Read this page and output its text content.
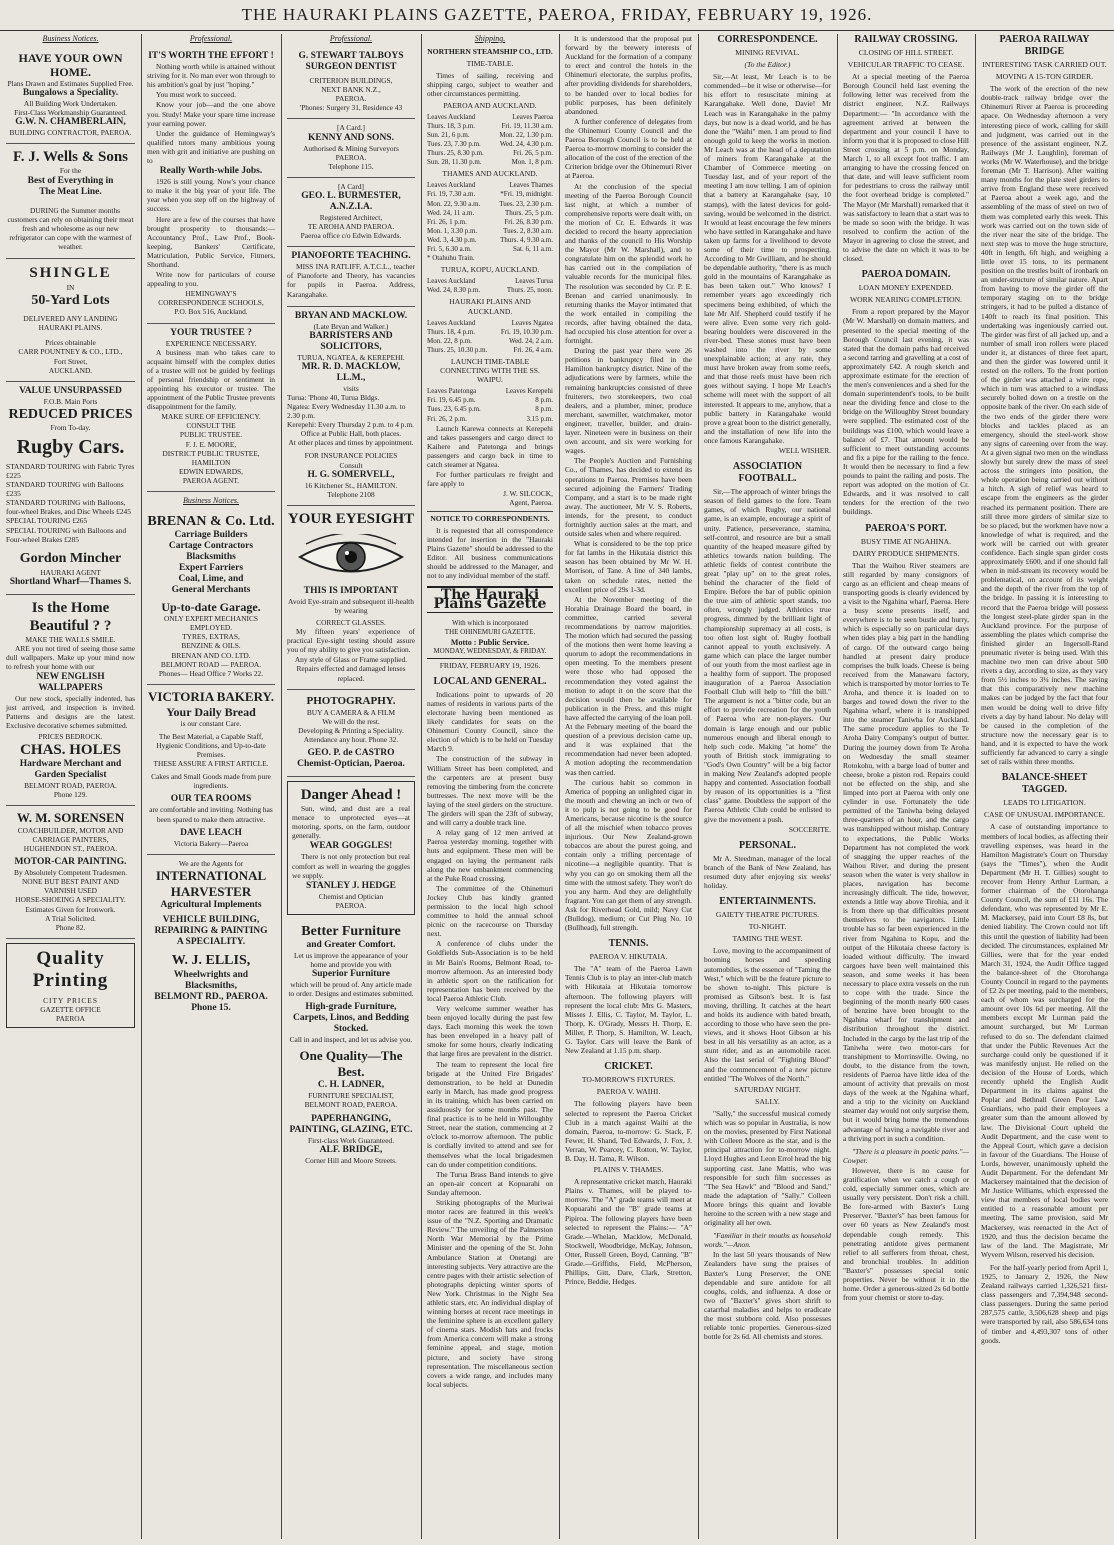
THE HAURAKI PLAINS GAZETTE, PAEROA, FRIDAY, FEBRUARY 19, 1926.
Business Notices.
HAVE YOUR OWN HOME.
Plans Drawn and Estimates Supplied Free.
Bungalows a Speciality.
All Building Work Undertaken.
First-Class Workmanship Guaranteed.
G.W. N. CHAMBERLAIN,
BUILDING CONTRACTOR, PAEROA.
F. J. Wells & Sons
For the
Best of Everything in
The Meat Line.

DURING the Summer months customers can rely on obtaining their meat fresh and wholesome as our new refrigerator can cope with the warmest of weather.

SHINGLE
IN
50-Yard Lots
DELIVERED ANY LANDING HAURAKI PLAINS.
Prices obtainable
CARR POUNTNEY & CO., LTD.,
Fort Street,
AUCKLAND.
VALUE UNSURPASSED
F.O.B. Main Ports
REDUCED PRICES
From To-day.
Rugby Cars.
STANDARD TOURING with Fabric Tyres £225
STANDARD TOURING with Balloons £235
STANDARD TOURING with Balloons, four-wheel Brakes, and Disc Wheels £245
SPECIAL TOURING £265
SPECIAL TOURING with Balloons and Four-wheel Brakes £285
Gordon Mincher
HAURAKI AGENT
Shortland Wharf—Thames S.
Is the Home Beautiful ? ?
MAKE THE WALLS SMILE.

ARE you not tired of seeing those same dull wallpapers. Make up your mind now to refresh your home with our

NEW ENGLISH WALLPAPERS

Our new stock, specially indented, has just arrived, and inspection is invited. Patterns and designs are the latest. Exclusive decorative schemes submitted.

PRICES BEDROCK.
CHAS. HOLES
Hardware Merchant and Garden Specialist
BELMONT ROAD, PAEROA.
Phone 129.
W. M. SORENSEN
COACHBUILDER, MOTOR AND CARRIAGE PAINTERS,
HUGHENDON ST., PAEROA.
MOTOR-CAR PAINTING.
By Absolutely Competent Tradesmen.
NONE BUT BEST PAINT AND VARNISH USED
HORSE-SHOEING A SPECIALITY.
Estimates Given for Ironwork.
A Trial Solicited.
Phone 82.
Quality
Printing
CITY PRICES
GAZETTE OFFICE
PAEROA
Professional.
IT'S WORTH THE EFFORT !

Nothing worth while is attained without striving for it. No man ever won through to his ambition's goal by just "hoping."

You must work to succeed.

Know your job—and the one above you. Study! Make your spare time increase your earning power.

Under the guidance of Hemingway's qualified tutors many ambitious young men with grit and initiative are pushing on to

Really Worth-while Jobs.

1926 is still young. Now's your chance to make it the big year of your life. The year when you step off on the highway of success.

Here are a few of the courses that have brought prosperity to thousands:— Accountancy Prof., Law Prof., Book-keeping, Bankers' Certificate, Matriculation, Public Service, Fitmers, Shorthand.

Write now for particulars of course appealing to you.

HEMINGWAY'S
CORRESPONDENCE SCHOOLS,
P.O. Box 516, Auckland.
YOUR TRUSTEE ?
EXPERIENCE NECESSARY.

A business man who takes care to acquaint himself with the complex duties of a trustee will not be guided by feelings of personal friendship or sentiment in appointing his executor or trustee. The appointment of the Public Trustee prevents disappointment for the family.

MAKE SURE OF EFFICIENCY.
CONSULT THE
PUBLIC TRUSTEE.
F. J. E. MOORE,
DISTRICT PUBLIC TRUSTEE,
HAMILTON
EDWIN EDWARDS,
PAEROA AGENT.
Business Notices.
BRENAN & Co. Ltd.
Carriage Builders
Cartage Contractors
Blacksmiths
Expert Farriers
Coal, Lime, and
General Merchants
Up-to-date Garage.
ONLY EXPERT MECHANICS EMPLOYED.
TYRES, EXTRAS,
BENZINE & OILS.
BRENAN AND CO. LTD.
BELMONT ROAD — PAEROA.
Phones— Head Office 7 Works 22.
VICTORIA BAKERY.
Your Daily Bread
is our constant Care.
The Best Material, a Capable Staff, Hygienic Conditions, and Up-to-date Premises.
THESE ASSURE A FIRST ARTICLE.
Cakes and Small Goods made from pure ingredients.
OUR TEA ROOMS
are comfortable and inviting. Nothing has been spared to make them attractive.
DAVE LEACH
Victoria Bakery—Paeroa
We are the Agents for
INTERNATIONAL
HARVESTER
Agricultural Implements
VEHICLE BUILDING,
REPAIRING & PAINTING
A SPECIALITY.
W. J. ELLIS,
Wheelwrights and
Blacksmiths,
BELMONT RD., PAEROA.
Phone 15.
Professional.
G. STEWART TALBOYS
SURGEON DENTIST
CRITERION BUILDINGS,
NEXT BANK N.Z.,
PAEROA.
'Phones: Surgery 31, Residence 43
[A Card.]
KENNY AND SONS.
Authorised & Mining Surveyors
PAEROA.
Telephone 115.
[A Card]
GEO. L. BURMESTER, A.N.Z.I.A.
Registered Architect,
TE AROHA AND PAEROA.
Paeroa office c/o Edwin Edwards.
PIANOFORTE TEACHING.

MISS INA RATLIFF, A.T.C.L., teacher of Pianoforte and Theory, has vacancies for pupils in Paeroa. Address, Karangahake.

BRYAN AND MACKLOW.
(Late Bryan and Walker.)
BARRISTERS AND SOLICITORS,
TURUA, NGATEA, & KEREPEHI.
MR. R. D. MACKLOW, LL.M.,
visits
Turua: 'Phone 40, Turua Bldgs.
Ngatea: Every Wednesday 11.30 a.m. to 2.30 p.m.
Kerepehi: Every Thursday 2 p.m. to 4 p.m.
Office at Public Hall, both places.
At other places and times by appointment.
FOR INSURANCE POLICIES
Consult
H. G. SOMERVELL,
16 Kitchener St., HAMILTON.
Telephone 2108
YOUR EYESIGHT
THIS IS IMPORTANT
Avoid Eye-strain and subsequent ill-health by wearing
CORRECT GLASSES.

My fifteen years' experience of practical Eye-sight testing should assure you of my ability to give you satisfaction.

Any style of Glass or Frame supplied.
Repairs effected and damaged lenses replaced.
PHOTOGRAPHY.
BUY A CAMERA & A FILM
We will do the rest.
Developing & Printing a Speciality.
Attendance any hour. Phone 32.
GEO. P. de CASTRO
Chemist-Optician, Paeroa.
Danger Ahead !

Sun, wind, and dust are a real menace to unprotected eyes—at motoring, sports, on the farm, outdoor generally.

WEAR GOGGLES!

There is not only protection but real comfort as well in wearing the goggles we supply.

STANLEY J. HEDGE
Chemist and Optician
PAEROA.
Better Furniture
and Greater Comfort.
Let us improve the appearance of your home and provide you with
Superior Furniture
which will be proud of. Any article made to order. Designs and estimates submitted.
High-grade Furniture, Carpets, Linos, and Bedding Stocked.
Call in and inspect, and let us advise you.
One Quality—The Best.
C. H. LADNER,
FURNITURE SPECIALIST,
BELMONT ROAD, PAEROA.
PAPERHANGING, PAINTING, GLAZING, ETC.
First-class Work Guaranteed.
ALF. BRIDGE,
Corner Hill and Moore Streets.
Shipping.
NORTHERN STEAMSHIP CO., LTD.
TIME-TABLE.

Times of sailing, receiving and shipping cargo, subject to weather and other circumstances permitting.

PAEROA AND AUCKLAND.
Leaves Auckland	Leaves Paeroa
Thurs. 18, 3 p.m.	Fri. 19, 11.30 a.m.
Sun. 21, 6 p.m.	Mon. 22, 1.30 p.m.
Tues. 23, 7.30 p.m.	Wed. 24, 4.30 p.m.
Thurs. 25, 8.30 p.m.	Fri. 26, 5 p.m.
Sun. 28, 11.30 p.m.	Mon. 1, 8 p.m.
THAMES AND AUCKLAND.
Leaves Auckland	Leaves Thames
Fri. 19, 7.30 a.m.	*Fri. 19, midnight.
Mon. 22, 9.30 a.m.	Tues. 23, 2.30 p.m.
Wed. 24, 11 a.m.	Thurs. 25, 5 p.m.
Fri. 26, 1 p.m.	Fri. 26, 8.30 p.m.
Mon. 1, 3.30 p.m.	Tues. 2, 8.30 a.m.
Wed. 3, 4.30 p.m.	Thurs. 4, 9.30 a.m.
Fri. 5, 6.30 a.m.	Sat. 6, 11 a.m.
* Otahuhu Train.
TURUA, KOPU, AUCKLAND.
Leaves Auckland	Leaves Turua
Wed. 24, 8.30 p.m.	Thurs. 25, noon.
HAURAKI PLAINS AND AUCKLAND.
Leaves Auckland	Leaves Ngatea
Thurs. 18, 4 p.m.	Fri. 19, 10.30 p.m.
Mon. 22, 8 p.m.	Wed. 24, 2 a.m.
Thurs. 25, 10.30 p.m.	Fri. 26, 4 a.m.
LAUNCH TIME-TABLE CONNECTING WITH THE SS. WAIPU.
Leaves Patetonga	Leaves Kerepehi
Fri. 19, 6.45 p.m.	8 p.m.
Tues. 23, 6.45 p.m.	8 p.m.
Fri. 26, 2 p.m.	3.15 p.m.

Launch Karewa connects at Kerepehi and takes passengers and cargo direct to Kaihere and Patetonga and brings passengers and cargo back in time to catch steamer at Ngatea.

For further particulars re freight and fare apply to

J. W. SILCOCK,
Agent, Paeroa.
NOTICE TO CORRESPONDENTS.

It is requested that all correspondence intended for insertion in the "Hauraki Plains Gazette" should be addressed to the Editor. All business communications should be addressed to the Manager, and not to any individual member of the staff.

The Hauraki Plains Gazette
With which is incorporated
THE OHINEMURI GAZETTE.
Motto : Public Service.
MONDAY, WEDNESDAY, & FRIDAY.
FRIDAY, FEBRUARY 19, 1926.
LOCAL AND GENERAL.

Indications point to upwards of 20 names of residents in various parts of the electorate having been mentioned as likely candidates for seats on the Ohinemuri County Council, since the election of which is to be held on Tuesday March 9.

The construction of the subway in William Street has been completed, and the carpenters are at present busy removing the timbering from the concrete buttresses. The next move will be the laying of the steel girders on the structure. The girders will span the 23ft of subway, and will carry a double track line.

A relay gang of 12 men arrived at Paeroa yesterday morning, together with huts and equipment. These men will be engaged on laying the permanent rails along the new embankment commencing at the Puke Road crossing.

The committee of the Ohinemuri Jockey Club has kindly granted permission to the local high school committee to hold the annual school picnic on the racecourse on Thursday next.

A conference of clubs under the Goldfields Sub-Association is to be held in Mr Bain's Rooms, Belmont Road, to-morrow afternoon. As an interested body in athletic sport on the ratification for representation has been received by the local Paeroa Athletic Club.

Very welcome summer weather has been enjoyed locally during the past few days. Each morning this week the town has been enveloped in a heavy pall of smoke for some hours, clearly indicating that large fires are prevalent in the district.

The team to represent the local fire brigade at the United Fire Brigades' demonstration, to be held at Dunedin early in March, has made good progress in its training, which has been carried on assiduously for some months past. The final practice is to be held in Willoughby Street, near the station, commencing at 2 o'clock to-morrow afternoon. The public is cordially invited to attend and see for themselves what the local brigadesmen can do under competition conditions.

The Turua Brass Band intends to give an open-air concert at Kopuarahi on Sunday afternoon.

Striking photographs of the Muriwai motor races are featured in this week's issue of the "N.Z. Sporting and Dramatic Review." The unveiling of the Palmerston North War Memorial by the Prime Minister and the opening of the St. John Ambulance Station at Onetangi are interesting subjects. Very attractive are the centre pages with their artistic selection of photographs depicting winter sports of New York. Christmas in the Night Sea athletic stars, etc. An individual display of winning horses at recent race meetings in the feminine sphere is an excellent gallery of cinema stars. Modish hats and frocks from America concern will make a strong feminine appeal, and stage, motion picture, and society have strong representation. The miscellaneous section covers a wide range, and includes many local subjects.

It is understood that the proposal put forward by the brewery interests of Auckland for the formation of a company to erect and control the hotels in the Ohinemuri electorate, the surplus profits, after providing dividends for shareholders, to be handed over to local bodies for public purposes, has been definitely abandoned.

A further conference of delegates from the Ohinemuri County Council and the Paeroa Borough Council is to be held at Paeroa to-morrow morning to consider the allocation of the cost of the erection of the Criterion bridge over the Ohinemuri River at Paeroa.

At the conclusion of the special meeting of the Paeroa Borough Council last night, at which a number of comprehensive reports were dealt with, on the motion of Cr. E. Edwards it was decided to record the hearty appreciation and thanks of the council to His Worship the Mayor (Mr W. Marshall), and to congratulate him on the splendid work he has carried out in the compilation of valuable records for the municipal files. The resolution was seconded by Cr. P. E. Brenan and carried unanimously. In returning thanks the Mayor intimated that the work entailed in compiling the records, after having obtained the data, had occupied his close attention for over a fortnight.

During the past year there were 26 petitions in bankruptcy filed in the Hamilton bankruptcy district. Nine of the adjudications were by farmers, while the remaining bankruptcies consisted of three fruiterers, two storekeepers, two coal dealers, and a plumber, miner, produce merchant, sawmiller, watchmaker, motor engineer, traveller, builder, and drain-layer. Nineteen were in business on their own account, and six were working for wages.

The People's Auction and Furnishing Co., of Thames, has decided to extend its operations to Paeroa. Premises have been secured adjoining the Farmers' Trading Company, and a start is to be made right away. The auctioneer, Mr V. S. Roberts, intends, for the present, to conduct fortnightly auction sales at the mart, and outside sales when and where required.

What is considered to be the top price for fat lambs in the Hikutaia district this season has been obtained by Mr W. H. Morrison, of Tane. A line of 340 lambs, taken on schedule rates, netted the excellent price of 29s 1-3d.

At the November meeting of the Horahia Drainage Board the board, in committee, carried several recommendations by narrow majorities. The motion which had secured the passing of the motions then went home leaving a quorum to adopt the recommendations in open meeting. To the members present were those who had opposed the recommendation they voted against the motion to adopt it on the score that the decision would then be available for publication in the Press, and this might have affected the carrying of the loan poll. At the February meeting of the board the question of a previous decision came up, and it was explained that the recommendation had never been adopted. A motion adopting the recommendation was then carried.

The curious habit so common in America of popping an unlighted cigar in the mouth and chewing an inch or two of it to pulp is not going to be good for Americans, because nicotine is the source of all the mischief when tobacco proves injurious. Our New Zealand-grown tobaccos are about the purest going, and contain only a trifling percentage of nicotine—a negligible quantity. That is why you can go on smoking them all the time with the utmost safety. They won't do you any harm. And they are delightfully fragrant. You can get them of any strength. Ask for Riverhead Gold, mild; Navy Cut (Bulldog), medium; or Cut Plug No. 10 (Bullhead), full strength.

TENNIS.
PAEROA V. HIKUTAIA.

The "A" team of the Paeroa Lawn Tennis Club is to play an inter-club match with Hikutaia at Hikutaia tomorrow afternoon. The following players will represent the local club: Mrs G. Masters, Misses J. Ellis, C. Taylor, M. Taylor, L. Thorp, K. O'Grady, Messrs H. Thorp, E. Miller, P. Thorp, S. Hamilton, W. Leach, G. Taylor. Cars will leave the Bank of New Zealand at 1.15 p.m. sharp.

CRICKET.
TO-MORROW'S FIXTURES.
PAEROA V. WAIHI.

The following players have been selected to represent the Paeroa Cricket Club in a match against Waihi at the domain, Paeroa, to-morrow: G. Stack, F. Fewer, H. Shand, Ted Edwards, J. Fox, J. Verran, W. Pearcey, C. Rotton, W. Taylor, B. Day, H. Tama, R. Wilson.

PLAINS V. THAMES.

A representative cricket match, Hauraki Plains v. Thames, will be played to-morrow. The "A" grade teams will meet at Kopuarahi and the "B" grade teams at Pipiroa. The following players have been selected to represent the Plains:— "A" Grade.—Whelan, Macklow, McDonald, Stockwell, Woodbridge, McKay, Johnson, Otter, Russell Green, Boyd, Canning. "B" Grade.—Griffiths, Field, McPherson, Phillips, Gitt, Dare, Clark, Stretton, Prince, Beddie, Hedges.

CORRESPONDENCE.
MINING REVIVAL.
(To the Editor.)

Sir,—At least, Mr Leach is to be commended—be it wise or otherwise—for his effort to resuscitate mining at Karangahake. Well done, Davie! Mr Leach was in Karangahake in the palmy days, but now is a dead world, and he has done the "Waihi" men. I am proud to find enough gold to keep the works in motion. Mr Leach was at the head of a deputation of miners from Karangahake at the Chamber of Commerce meeting on Tuesday last, and of your report of the meeting I am now telling. I am of opinion that a battery at Karangahake (say, 10 stamps), with the latest devices for gold-saving, would be welcomed in the district. It would at least encourage the few miners who have settled in Karangahake and have taken up farms for a livelihood to devote some of their time to prospecting. According to Mr Gwilliam, and he should be dependable authority, "there is as much gold in the mountains of Karangahake as has been taken out." Who knows? I remember years ago exceedingly rich specimens being exhibited, of which the late Mr Alf. Shepherd could testify if he were alive. Even some very rich gold-bearing boulders were discovered in the river-bed. These stones must have been washed into the river by some unexplainable action; at any rate, they must have broken away from some reefs, and that those reefs must have been rich goes without saying. I hope Mr Leach's scheme will meet with the support of all interested. It appears to me, anyhow, that a public battery in Karangahake would prove a great boon to the district generally, and the installation of new life into the once famous Karangahake.

WELL WISHER.
ASSOCIATION FOOTBALL.

Sir,—The approach of winter brings the season of field games to the fore. Team games, of which Rugby, our national game, is an example, encourage a spirit of unity. Patience, perseverance, stamina, self-control, and resource are but a small quantity of the heaped measure gifted by athletics towards nation building. The athletic fields of contest contribute the great "play up" on to the great roles, behind the character of the field of Empire. Before the bar of public opinion the true aim of athletic sport stands, too often, wrongly judged. Athletics true progress, dimmed by the brilliant light of championship supremacy at all costs, is too often lost sight of. Rugby football cannot appeal to youth exclusively. A game which can place the larger number of our youth from the most earliest age in a healthy form of support. The proposed inauguration of a Paeroa Association Football Club will help to "fill the bill." The argument is not a "bitter code, but an effort to provide recreation for the youth of Paeroa who are non-players. Our domain is large enough and our public numerous enough and liberal enough to help such code. Making "at home" the youth of British stock immigrating to "God's Own Country" will be a big factor in making New Zealand's adopted people happy and contented. Association football by reason of its opportunities is a "first class" game. Doubtless the support of the Paeroa Athletic Club could be enlisted to give the movement a push.

SOCCERITE.
PERSONAL.

Mr A. Steedman, manager of the local branch of the Bank of New Zealand, has resumed duty after enjoying six weeks' holiday.

ENTERTAINMENTS.
GAIETY THEATRE PICTURES.
TO-NIGHT.
TAMING THE WEST.

Love, moving to the accompaniment of booming horses and speeding automobiles, is the essence of "Taming the West," which will be the feature picture to be shown to-night. This picture is promised as Gibson's best. It is fast moving, thrilling. It catches at the heart and holds its audience with bated breath, according to those who have seen the pre-views, and it shows Hoot Gibson at his best in all his versatility as an actor, as a stunt rider, and as an automobile racer. Also the last serial of "Fighting Blood" and the commencement of a new picture entitled "The Wolves of the North."

SATURDAY NIGHT.
SALLY.

"Sally," the successful musical comedy which was so popular in Australia, is now on the movies, presented by First National with Colleen Moore as the star, and is the principal attraction for to-morrow night. Lloyd Hughes and Leon Errol head the big supporting cast. Jane Mattis, who was responsible for such film successes as "The Sea Hawk" and "Blood and Sand," made the adaptation of "Sally." Colleen Moore brings this quaint and lovable heroine to the screen with a new stage and originality all her own.

"Familiar in their mouths as household words."—Anon.

In the last 50 years thousands of New Zealanders have sung the praises of Baxter's Lung Preserver, the ONE dependable and sure antidote for all coughs, colds, and influenza. A dose or two of "Baxter's" gives short shrift to catarrhal maladies and helps to eradicate the most stubborn cold. Also possesses reliable tonic properties. Generous-sized bottle for 2s 6d. All chemists and stores.

RAILWAY CROSSING.
CLOSING OF HILL STREET.
VEHICULAR TRAFFIC TO CEASE.

At a special meeting of the Paeroa Borough Council held last evening the following letter was received from the district engineer, N.Z. Railways Department:— "In accordance with the agreement arrived at between the department and your council I have to inform you that it is proposed to close Hill Street crossing at 5 p.m. on Monday, March 1, to all except foot traffic. I am arranging to have the crossing fenced on that date, and will leave sufficient room for pedestrians to cross the railway until the foot overhead bridge is completed." The Mayor (Mr Marshall) remarked that it was satisfactory to learn that a start was to be made so soon with the bridge. It was resolved to confirm the action of the Mayor in agreeing to close the street, and to advise the date on which it was to be closed.

PAEROA DOMAIN.
LOAN MONEY EXPENDED.
WORK NEARING COMPLETION.

From a report prepared by the Mayor (Mr W. Marshall) on domain matters, and presented to the special meeting of the Borough Council last evening, it was stated that the domain paths had received a second tarring and gravelling at a cost of approximately £42. A rough sketch and approximate estimate for the erection of the men's conveniences and a shed for the domain superintendent's tools, to be built near the dividing fence and close to the bridge on the Willoughby Street boundary were supplied. The estimated cost of the buildings was £100, which would leave a balance of £7. That amount would be sufficient to meet outstanding accounts and fix a pipe for the railing to the fence. It would then be necessary to find a few pounds to paint the railing and posts. The report was adopted on the motion of Cr. Edwards, and it was resolved to call tenders for the erection of the two buildings.

PAEROA'S PORT.
BUSY TIME AT NGAHINA.
DAIRY PRODUCE SHIPMENTS.

That the Waihou River steamers are still regarded by many consignors of cargo as an efficient and cheap means of transporting goods is clearly evidenced by a visit to the Ngahina wharf, Paeroa. Here a busy scene presents itself, and everywhere is to be seen bustle and hurry, which is especially so on particular days when tides play a big part in the handling of cargo. Of the outward cargo being handled at present dairy produce comprises the bulk loads. Cheese is being received from the Manawaru factory, which is transported by motor lorries to Te Aroha, and thence it is loaded on to barges and towed down the river to the Ngahina wharf, where it is transhipped into the steamer Taniwha for Auckland. The same procedure applies to the Te Aroha Dairy Company's output of butter. During the journey down from Te Aroha on Wednesday the small steamer Rotokohu, with a barge load of butter and cheese, broke a piston rod. Repairs could not be effected on the ship, and she limped into port at Paeroa with only one cylinder in use. Fortunately the tide permitted of the Taniwha being delayed three-quarters of an hour, and the cargo was transhipped without mishap. Contrary to expectations, the Public Works Department has not completed the work of snagging the upper reaches of the Waihou River, and during the present season when the water is very shallow in places, navigation has become increasingly difficult. The tide, however, extends a little way above Tirohia, and it is from there up that difficulties present themselves to the navigators. Little trouble has so far been experienced in the river from Ngahina to Kopu, and the output of the Hikutaia cheese factory is loaded without difficulty. The inward cargoes have been well maintained this season, and some weeks it has been necessary to place extra vessels on the run to cope with the trade. Since the beginning of the month nearly 600 cases of benzine have been brought to the Ngahina wharf for transhipment and distribution throughout the district. Included in the cargo by the last trip of the Taniwha were two motor-cars for transhipment to Morrinsville. Owing, no doubt, to the distance from the town, residents of Paeroa have little idea of the amount of activity that prevails on most days of the week at the Ngahina wharf, and a trip to the vicinity on Auckland steamer day would not only surprise them, but it would bring home the tremendous advantage of having a navigable river and a thriving port in such a condition.

"There is a pleasure in poetic pains."—Cowper.

However, there is no cause for gratification when we catch a cough or cold, especially summer ones, which are usually very persistent. Don't risk a chill. Be fore-armed with Baxter's Lung Preserver. "Baxter's" has been famous for over 60 years as New Zealand's most dependable cough remedy. This penetrating antidote gives permanent relief to all sufferers from throat, chest, and bronchial troubles. In addition "Baxter's" possesses special tonic properties. Never be without it in the home. Order a generous-sized 2s 6d bottle from your chemist or store to-day.

PAEROA RAILWAY BRIDGE
INTERESTING TASK CARRIED OUT.
MOVING A 15-TON GIRDER.

The work of the erection of the new double-track railway bridge over the Ohinemuri River at Paeroa is proceeding apace. On Wednesday afternoon a very interesting piece of work, calling for skill and judgment, was carried out in the presence of the assistant engineer, N.Z. Railways (Mr J. Laughlin), foreman of works (Mr W. Waterhouse), and the bridge foreman (Mr T. Harrison). After waiting many months for the plate steel girders to arrive from England these were received at Paeroa about a week ago, and the assembling of the mass of steel on two of them was completed early this week. This work was carried out on the town side of the river near the site of the bridge. The next step was to move the huge structure, 40ft in length, 6ft high, and weighing a little over 15 tons, to its permanent position on the trestles built of ironbark on an under-structure of similar nature. Apart from having to move the girder off the temporary staging on to the bridge stringers, it had to be pulled a distance of 140ft to reach its final position. This undertaking was ingeniously carried out. The girder was first of all jacked up, and a number of small iron rollers were placed under it, at distances of three feet apart, and then the girder was lowered until it rested on the rollers. To the front portion of the girder was attached a wire rope, which in turn was attached to a windlass securely bolted down on a trestle on the opposite bank of the river. On each side of the two ends of the girder there were blocks and tackles placed as an emergency, should the steel-work show any signs of careening over from the way. At a given signal two men on the windlass slowly but surely drew the mass of steel across the stringers into position, the whole operation being carried out without a hitch. A sigh of relief was heard to escape from the engineers as the girder reached its permanent position. There are still three more girders of similar size to be so placed, but the workmen have now a knowledge of what is required, and the work will be carried out with greater confidence. Each single span girder costs approximately £600, and if one should fall when in mid-stream its recovery would be problematical, on account of its weight and the depth of the river from the top of the bridge. In passing it is interesting to record that the Paeroa bridge will possess the longest steel-plate girder span in the Auckland province. For the purpose of assembling the plates which comprise the finished girder an Ingersoll-Rand pneumatic riveter is being used. With this machine two men can drive about 500 rivets a day, according to size, as they vary from 5½ inches to 3¼ inches. The saving that this comparatively new machine makes can be judged by the fact that four men would be doing well to drive fifty rivets a day by hand labour. No delay will be caused in the completion of the structure now the necessary gear is to hand, and it is expected to have the work sufficiently far advanced to carry a single set of rails within three months.

BALANCE-SHEET TAGGED.
LEADS TO LITIGATION.
CASE OF UNUSUAL IMPORTANCE.

A case of outstanding importance to members of local bodies, as affecting their travelling expenses, was heard in the Hamilton Magistrate's Court on Thursday (says the "Times"), when the Audit Department (Mr H. T. Gillies) sought to recover from Henry Arthur Lurman, a former chairman of the Otorohanga County Council, the sum of £11 16s. The defendant, who was represented by Mr E. M. Mackersey, paid into Court £8 8s, but denied liability. The Crown could not lift this until the question of liability had been decided. The circumstances, explained Mr Gillies, were that for the year ended March 31, 1924, the Audit Office tagged the balance-sheet of the Otorohanga County Council in regard to the payments of £2 2s per meeting, paid to the members, each of whom was surcharged for the amount over 10s 6d per meeting. All the members except Mr Lurman paid the amount surcharged, but Mr Lurman refused to do so. The defendant claimed that under the Public Revenues Act the surcharge could only be questioned if it was manifestly unjust. He relied on the decision of the House of Lords, which recently upheld the English Audit Department in its claims against the Poplar and Bethnall Green Poor Law Guardians, who paid their employees a greater sum than the amount allowed by law. The Divisional Court upheld the Audit Department, and the case went to the Appeal Court, which gave a decision in favour of the Guardians. The House of Lords, however, unanimously upheld the Audit Department. For the defendant Mr Mackersey maintained that the decision of Mr Justice Williams, which expressed the view that members of local bodies were entitled to a reasonable amount per meeting. The same provision, said Mr Mackersey, was reenacted in the Act of 1920, and thus the decision became the law of the land. The Magistrate, Mr Wyvern Wilson, reserved his decision.

For the half-yearly period from April 1, 1925, to January 2, 1926, the New Zealand railways carried 1,326,521 first-class passengers and 7,394,948 second-class passengers. During the same period 287,575 cattle, 3,506,628 sheep and pigs were transported by rail, also 586,634 tons of timber and 4,493,307 tons of other goods.
